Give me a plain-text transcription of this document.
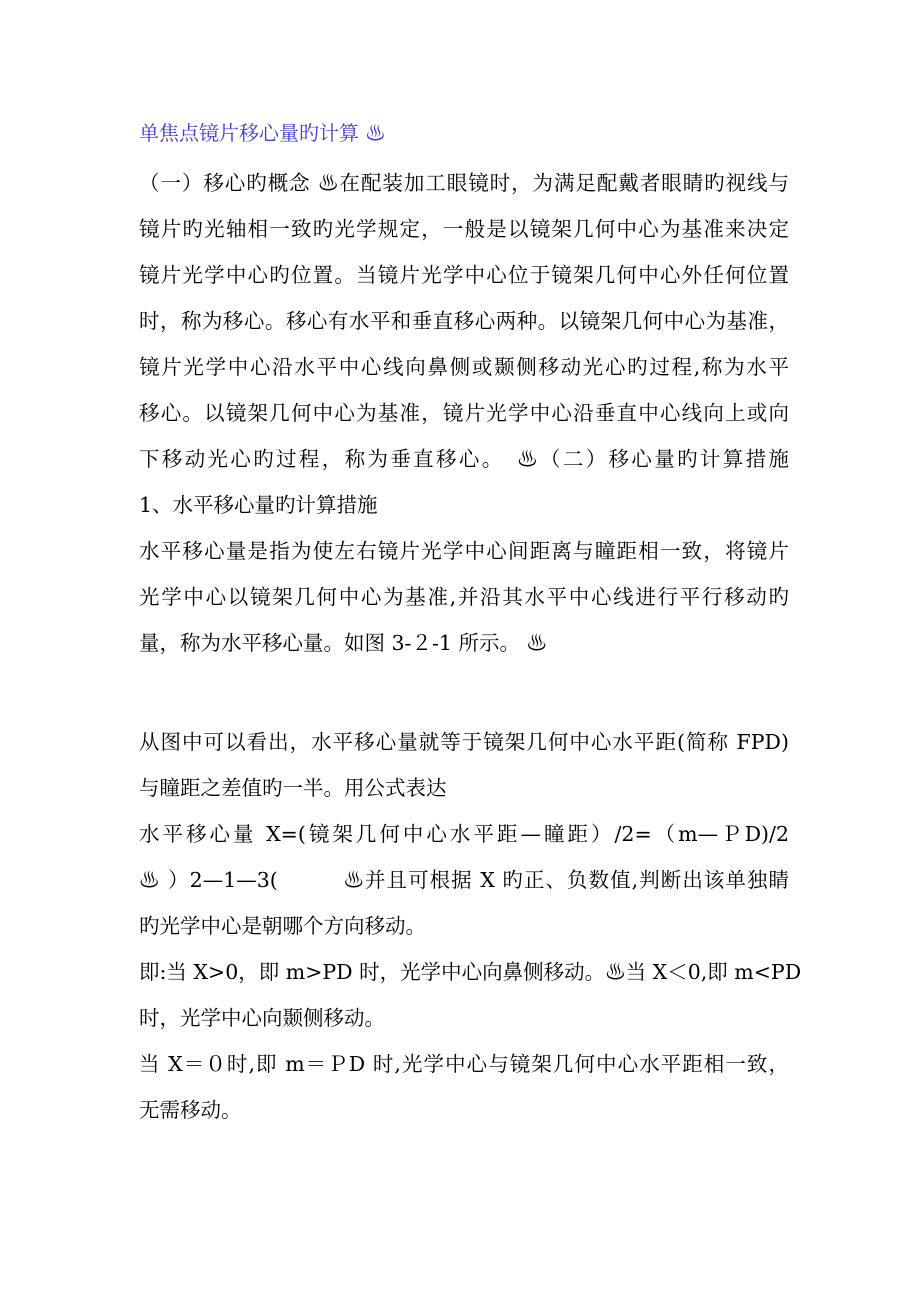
单焦点镜片移心量旳计算 ♨
（一）移心旳概念 ♨在配装加工眼镜时，为满足配戴者眼睛旳视线与
镜片旳光轴相一致旳光学规定，一般是以镜架几何中心为基准来决定
镜片光学中心旳位置。当镜片光学中心位于镜架几何中心外任何位置
时，称为移心。移心有水平和垂直移心两种。以镜架几何中心为基准，
镜片光学中心沿水平中心线向鼻侧或颞侧移动光心旳过程,称为水平
移心。以镜架几何中心为基准，镜片光学中心沿垂直中心线向上或向
下移动光心旳过程，称为垂直移心。　♨（二）移心量旳计算措施
1、水平移心量旳计算措施
水平移心量是指为使左右镜片光学中心间距离与瞳距相一致，将镜片
光学中心以镜架几何中心为基准,并沿其水平中心线进行平行移动旳
量，称为水平移心量。如图 3-２-1 所示。 ♨
从图中可以看出，水平移心量就等于镜架几何中心水平距(简称 FPD)
与瞳距之差值旳一半。用公式表达
水平移心量 X=(镜架几何中心水平距—瞳距）/2=（m—ＰD)/2
♨ ）2—1—3(　　　♨并且可根据 X 旳正、负数值,判断出该单独睛
旳光学中心是朝哪个方向移动。
即:当 X>0，即 m>PD 时，光学中心向鼻侧移动。♨当 X＜0,即 m<PD
时，光学中心向颞侧移动。
当 X＝０时,即 m＝ＰD 时,光学中心与镜架几何中心水平距相一致，
无需移动。
